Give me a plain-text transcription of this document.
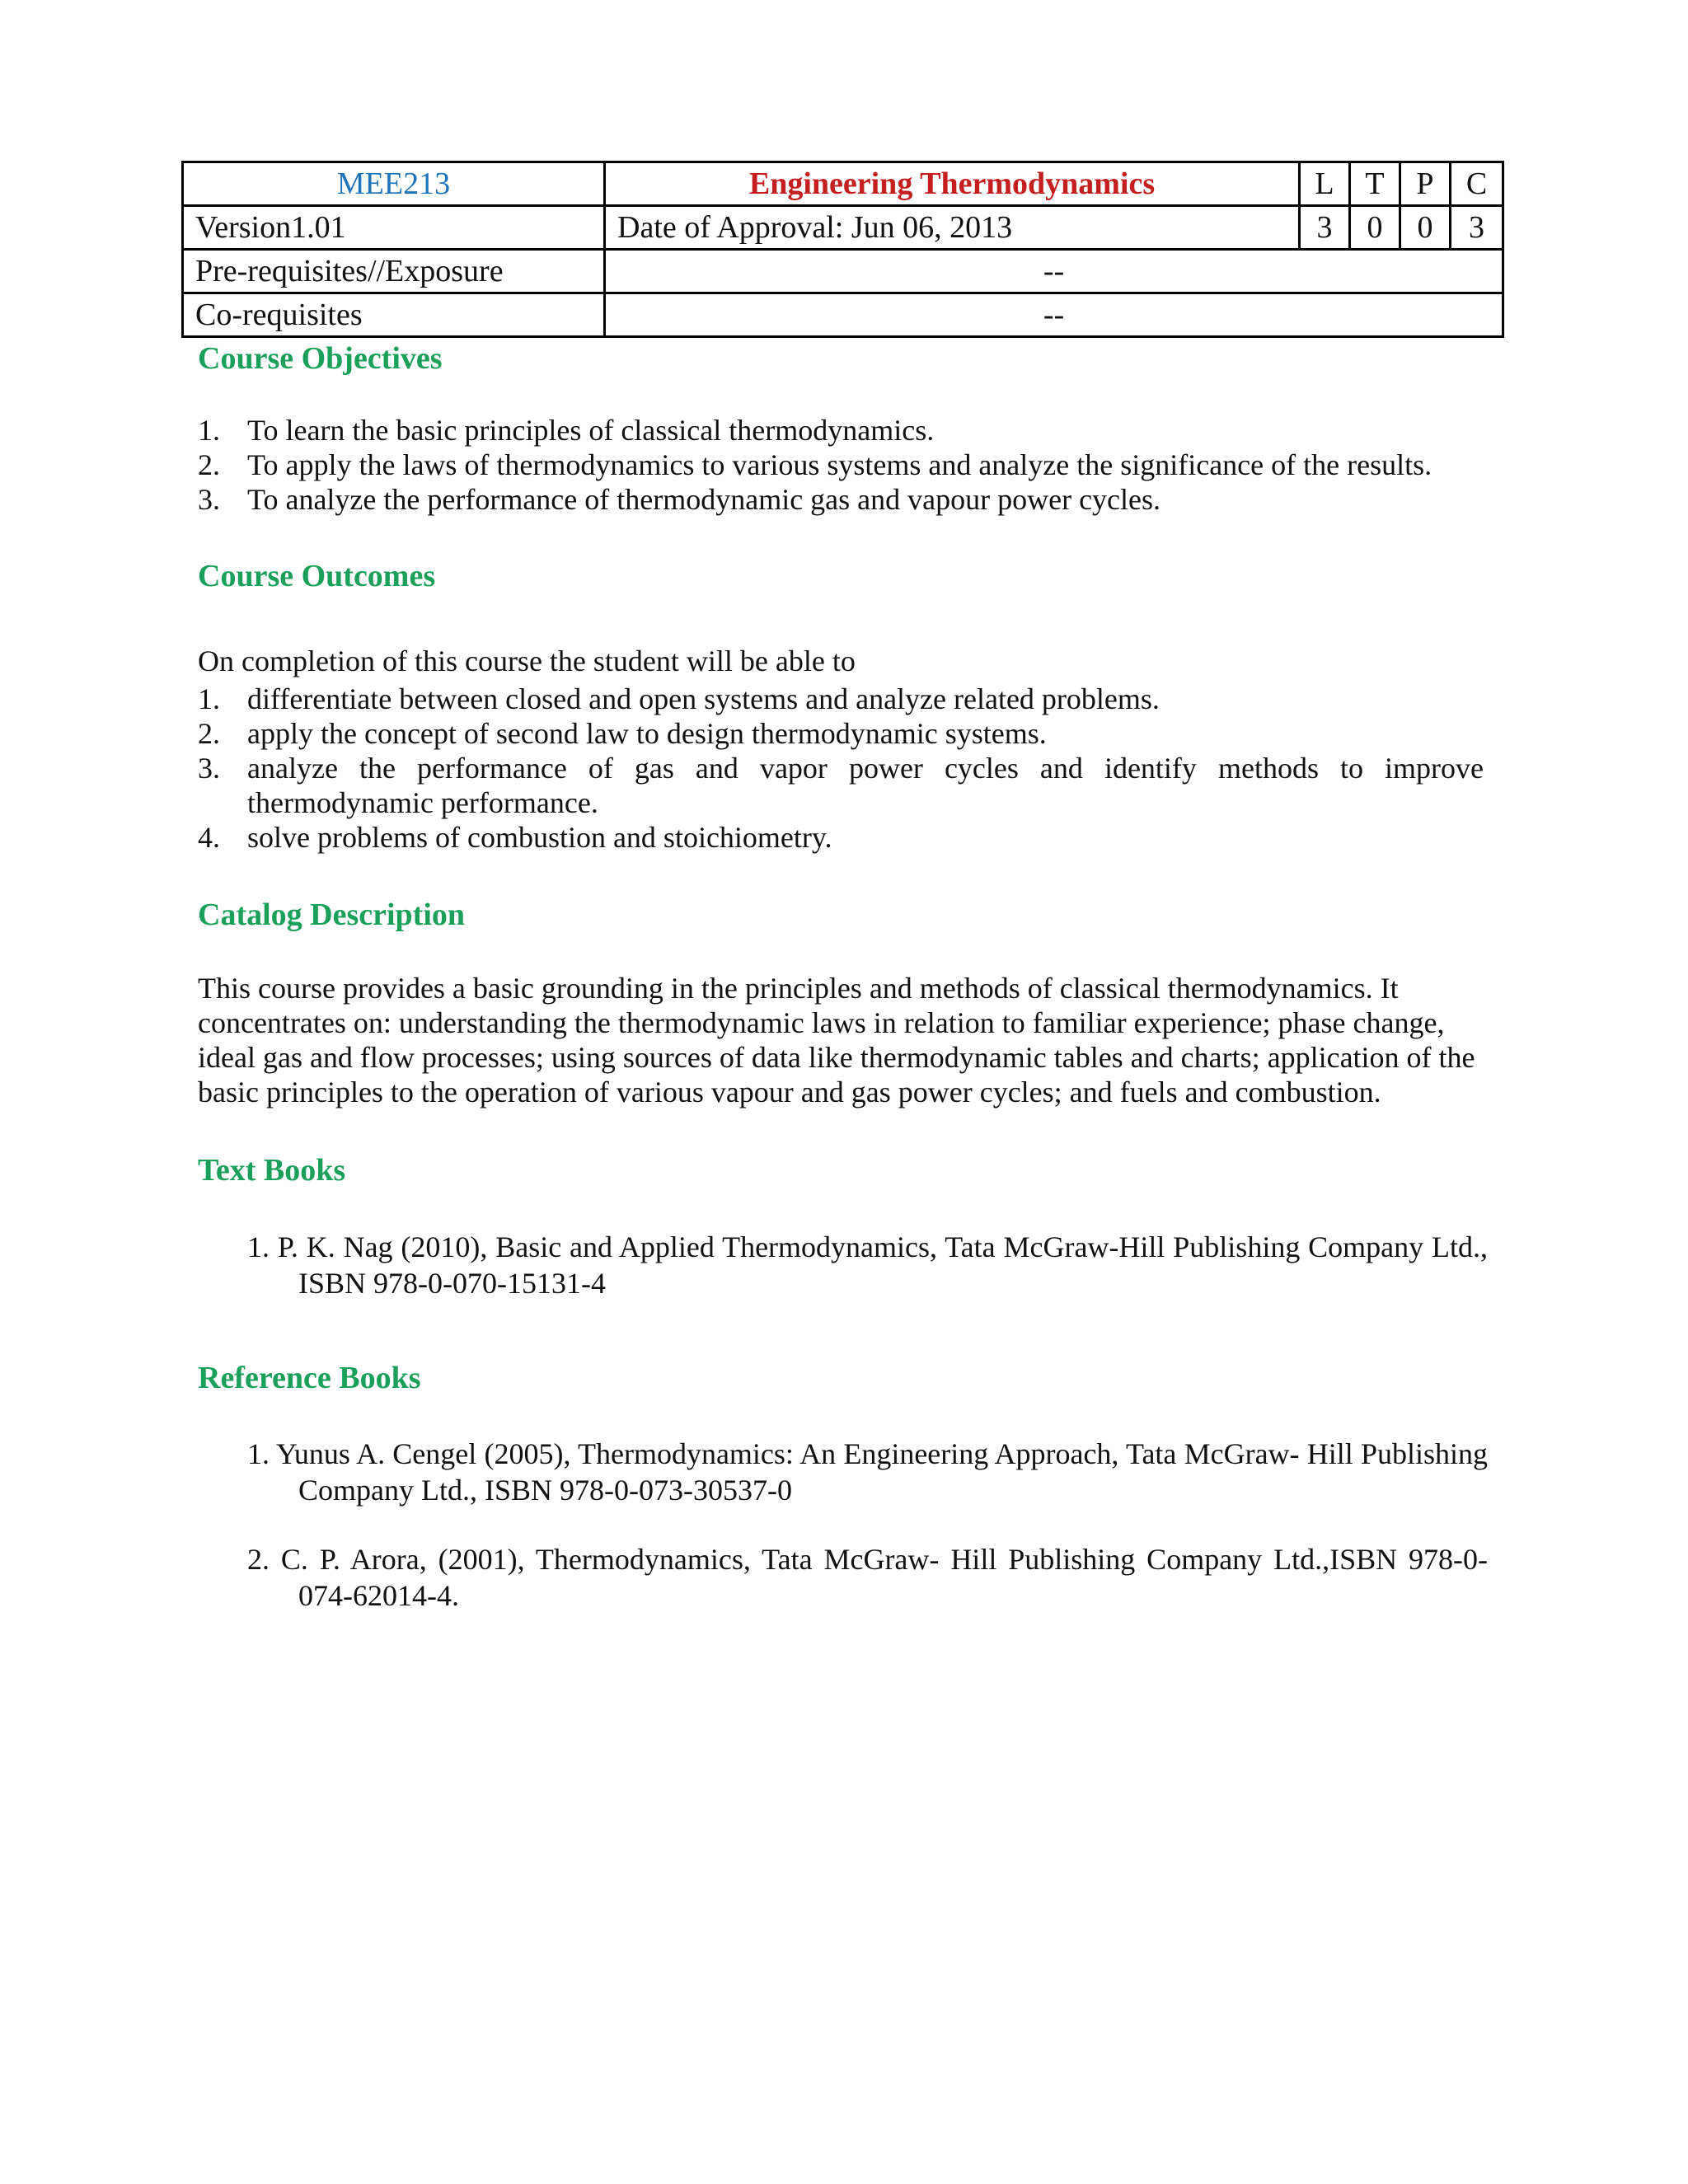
MEE213	Engineering Thermodynamics	L	T	P	C
Version1.01	Date of Approval: Jun 06, 2013	3	0	0	3
Pre-requisites//Exposure	--				
Co-requisites	--				
Course Objectives
1. To learn the basic principles of classical thermodynamics.
2. To apply the laws of thermodynamics to various systems and analyze the significance of the results.
3. To analyze the performance of thermodynamic gas and vapour power cycles.
Course Outcomes

On completion of this course the student will be able to

1. differentiate between closed and open systems and analyze related problems.
2. apply the concept of second law to design thermodynamic systems.
3. analyze the performance of gas and vapor power cycles and identify methods to improve thermodynamic performance.
4. solve problems of combustion and stoichiometry.
Catalog Description

This course provides a basic grounding in the principles and methods of classical thermodynamics. It concentrates on: understanding the thermodynamic laws in relation to familiar experience; phase change, ideal gas and flow processes; using sources of data like thermodynamic tables and charts; application of the basic principles to the operation of various vapour and gas power cycles; and fuels and combustion.

Text Books
1. P. K. Nag (2010), Basic and Applied Thermodynamics, Tata McGraw-Hill Publishing Company Ltd., ISBN 978-0-070-15131-4
Reference Books
1. Yunus A. Cengel (2005), Thermodynamics: An Engineering Approach, Tata McGraw- Hill Publishing Company Ltd., ISBN 978-0-073-30537-0
2. C. P. Arora, (2001), Thermodynamics, Tata McGraw- Hill Publishing Company Ltd.,ISBN 978-0-074-62014-4.
